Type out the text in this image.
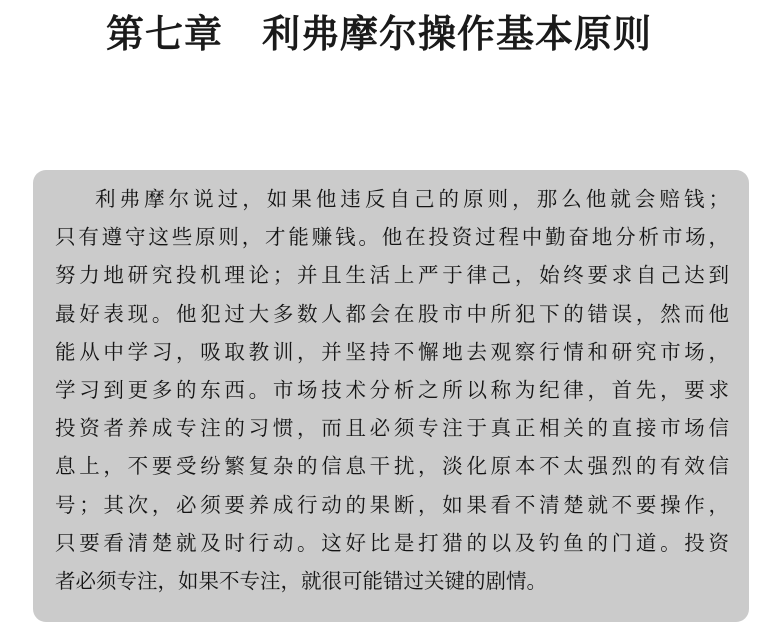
第七章　利弗摩尔操作基本原则
利弗摩尔说过，如果他违反自己的原则，那么他就会赔钱；
只有遵守这些原则，才能赚钱。他在投资过程中勤奋地分析市场，
努力地研究投机理论；并且生活上严于律己，始终要求自己达到
最好表现。他犯过大多数人都会在股市中所犯下的错误，然而他
能从中学习，吸取教训，并坚持不懈地去观察行情和研究市场，
学习到更多的东西。市场技术分析之所以称为纪律，首先，要求
投资者养成专注的习惯，而且必须专注于真正相关的直接市场信
息上，不要受纷繁复杂的信息干扰，淡化原本不太强烈的有效信
号；其次，必须要养成行动的果断，如果看不清楚就不要操作，
只要看清楚就及时行动。这好比是打猎的以及钓鱼的门道。投资
者必须专注，如果不专注，就很可能错过关键的剧情。
